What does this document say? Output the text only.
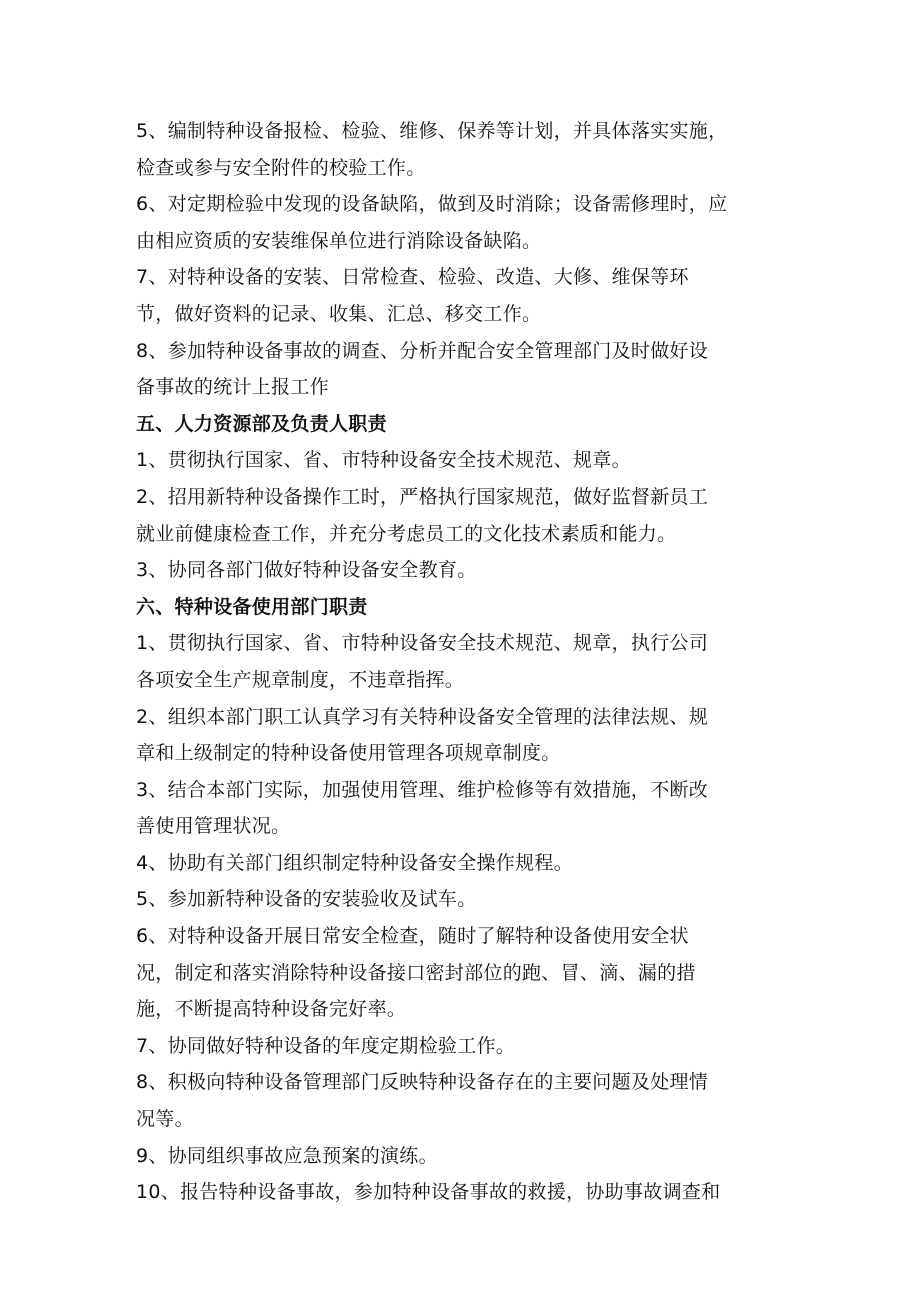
5、编制特种设备报检、检验、维修、保养等计划，并具体落实实施，
检查或参与安全附件的校验工作。
6、对定期检验中发现的设备缺陷，做到及时消除；设备需修理时，应
由相应资质的安装维保单位进行消除设备缺陷。
7、对特种设备的安装、日常检查、检验、改造、大修、维保等环
节，做好资料的记录、收集、汇总、移交工作。
8、参加特种设备事故的调查、分析并配合安全管理部门及时做好设
备事故的统计上报工作
五、人力资源部及负责人职责
1、贯彻执行国家、省、市特种设备安全技术规范、规章。
2、招用新特种设备操作工时，严格执行国家规范，做好监督新员工
就业前健康检查工作，并充分考虑员工的文化技术素质和能力。
3、协同各部门做好特种设备安全教育。
六、特种设备使用部门职责
1、贯彻执行国家、省、市特种设备安全技术规范、规章，执行公司
各项安全生产规章制度，不违章指挥。
2、组织本部门职工认真学习有关特种设备安全管理的法律法规、规
章和上级制定的特种设备使用管理各项规章制度。
3、结合本部门实际，加强使用管理、维护检修等有效措施，不断改
善使用管理状况。
4、协助有关部门组织制定特种设备安全操作规程。
5、参加新特种设备的安装验收及试车。
6、对特种设备开展日常安全检查，随时了解特种设备使用安全状
况，制定和落实消除特种设备接口密封部位的跑、冒、滴、漏的措
施，不断提高特种设备完好率。
7、协同做好特种设备的年度定期检验工作。
8、积极向特种设备管理部门反映特种设备存在的主要问题及处理情
况等。
9、协同组织事故应急预案的演练。
10、报告特种设备事故，参加特种设备事故的救援，协助事故调查和
